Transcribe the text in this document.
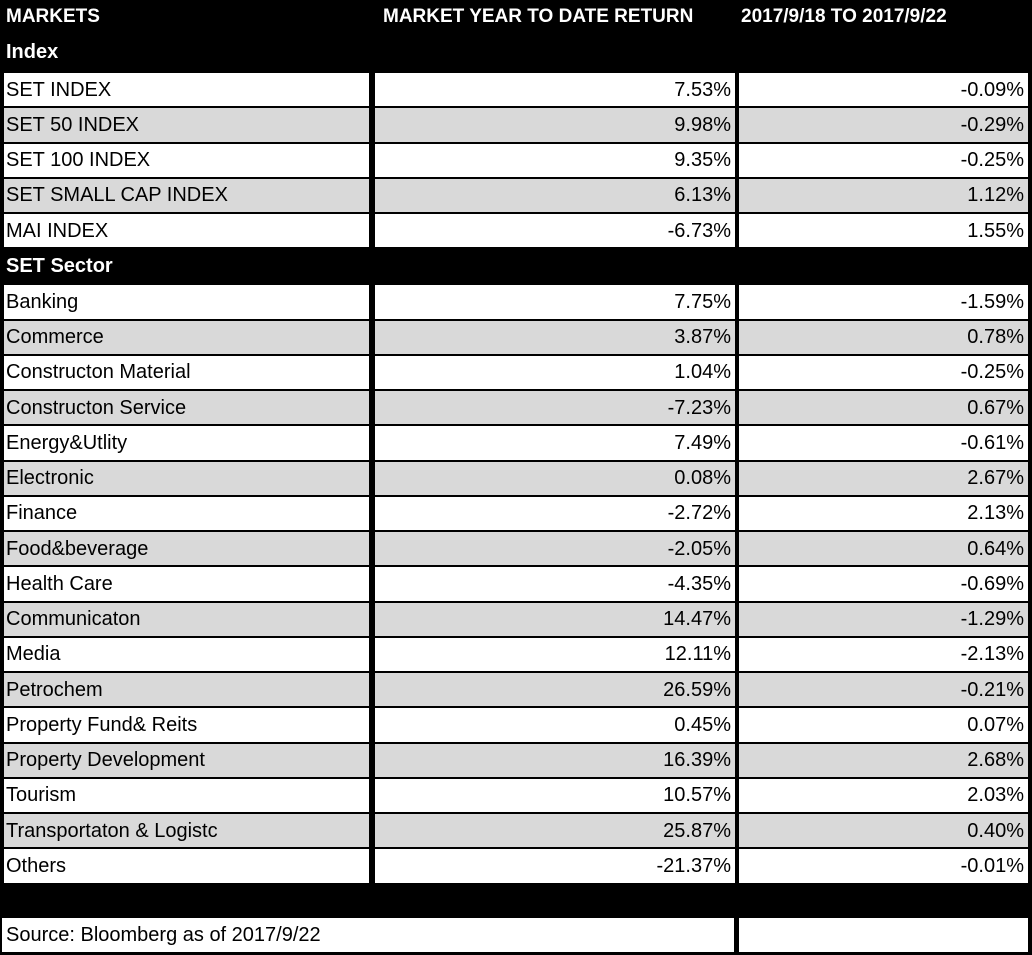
MARKETS	MARKET YEAR TO DATE RETURN	2017/9/18 TO 2017/9/22
Index
SET INDEX	7.53%	-0.09%
SET 50 INDEX	9.98%	-0.29%
SET 100 INDEX	9.35%	-0.25%
SET SMALL CAP INDEX	6.13%	1.12%
MAI INDEX	-6.73%	1.55%
SET Sector
Banking	7.75%	-1.59%
Commerce	3.87%	0.78%
Constructon Material	1.04%	-0.25%
Constructon Service	-7.23%	0.67%
Energy&Utlity	7.49%	-0.61%
Electronic	0.08%	2.67%
Finance	-2.72%	2.13%
Food&beverage	-2.05%	0.64%
Health Care	-4.35%	-0.69%
Communicaton	14.47%	-1.29%
Media	12.11%	-2.13%
Petrochem	26.59%	-0.21%
Property Fund& Reits	0.45%	0.07%
Property Development	16.39%	2.68%
Tourism	10.57%	2.03%
Transportaton & Logistc	25.87%	0.40%
Others	-21.37%	-0.01%
Source: Bloomberg as of 2017/9/22
